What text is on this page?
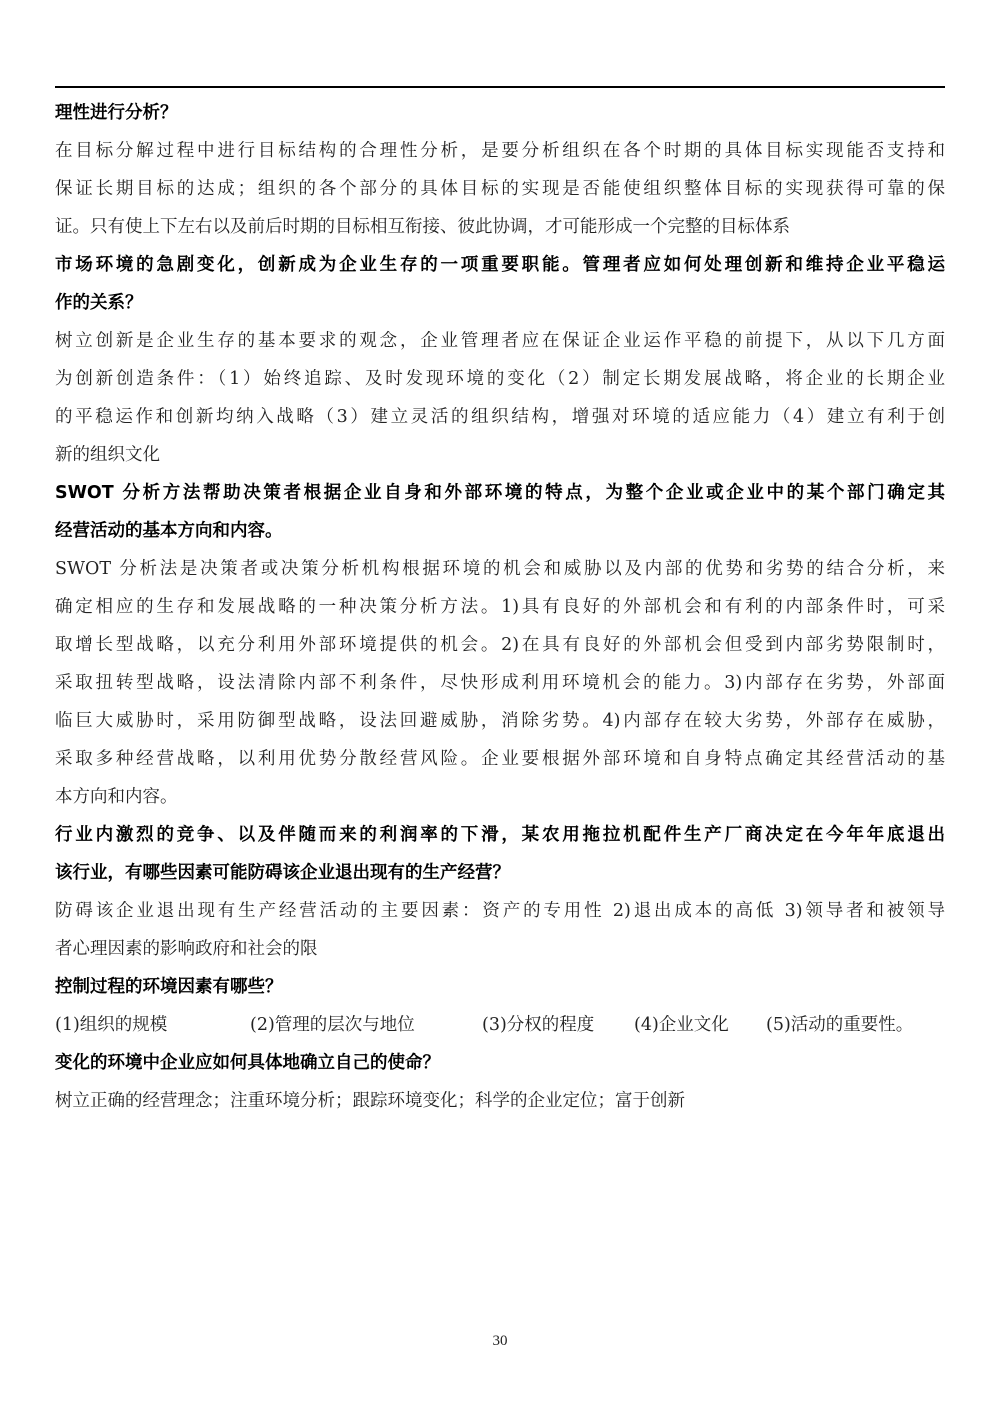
理性进行分析？
在目标分解过程中进行目标结构的合理性分析，是要分析组织在各个时期的具体目标实现能否支持和
保证长期目标的达成；组织的各个部分的具体目标的实现是否能使组织整体目标的实现获得可靠的保
证。只有使上下左右以及前后时期的目标相互衔接、彼此协调，才可能形成一个完整的目标体系
市场环境的急剧变化，创新成为企业生存的一项重要职能。管理者应如何处理创新和维持企业平稳运
作的关系？
树立创新是企业生存的基本要求的观念，企业管理者应在保证企业运作平稳的前提下，从以下几方面
为创新创造条件：（1）始终追踪、及时发现环境的变化（2）制定长期发展战略，将企业的长期企业
的平稳运作和创新均纳入战略（3）建立灵活的组织结构，增强对环境的适应能力（4）建立有利于创
新的组织文化
SWOT 分析方法帮助决策者根据企业自身和外部环境的特点，为整个企业或企业中的某个部门确定其
经营活动的基本方向和内容。
SWOT 分析法是决策者或决策分析机构根据环境的机会和威胁以及内部的优势和劣势的结合分析，来
确定相应的生存和发展战略的一种决策分析方法。1)具有良好的外部机会和有利的内部条件时，可采
取增长型战略，以充分利用外部环境提供的机会。2)在具有良好的外部机会但受到内部劣势限制时，
采取扭转型战略，设法清除内部不利条件，尽快形成利用环境机会的能力。3)内部存在劣势，外部面
临巨大威胁时，采用防御型战略，设法回避威胁，消除劣势。4)内部存在较大劣势，外部存在威胁，
采取多种经营战略，以利用优势分散经营风险。企业要根据外部环境和自身特点确定其经营活动的基
本方向和内容。
行业内激烈的竞争、以及伴随而来的利润率的下滑，某农用拖拉机配件生产厂商决定在今年年底退出
该行业，有哪些因素可能防碍该企业退出现有的生产经营？
防碍该企业退出现有生产经营活动的主要因素：资产的专用性 2)退出成本的高低 3)领导者和被领导
者心理因素的影响政府和社会的限
控制过程的环境因素有哪些？
(1)组织的规模	(2)管理的层次与地位	(3)分权的程度	(4)企业文化	(5)活动的重要性。
变化的环境中企业应如何具体地确立自己的使命？
树立正确的经营理念；注重环境分析；跟踪环境变化；科学的企业定位；富于创新
30
